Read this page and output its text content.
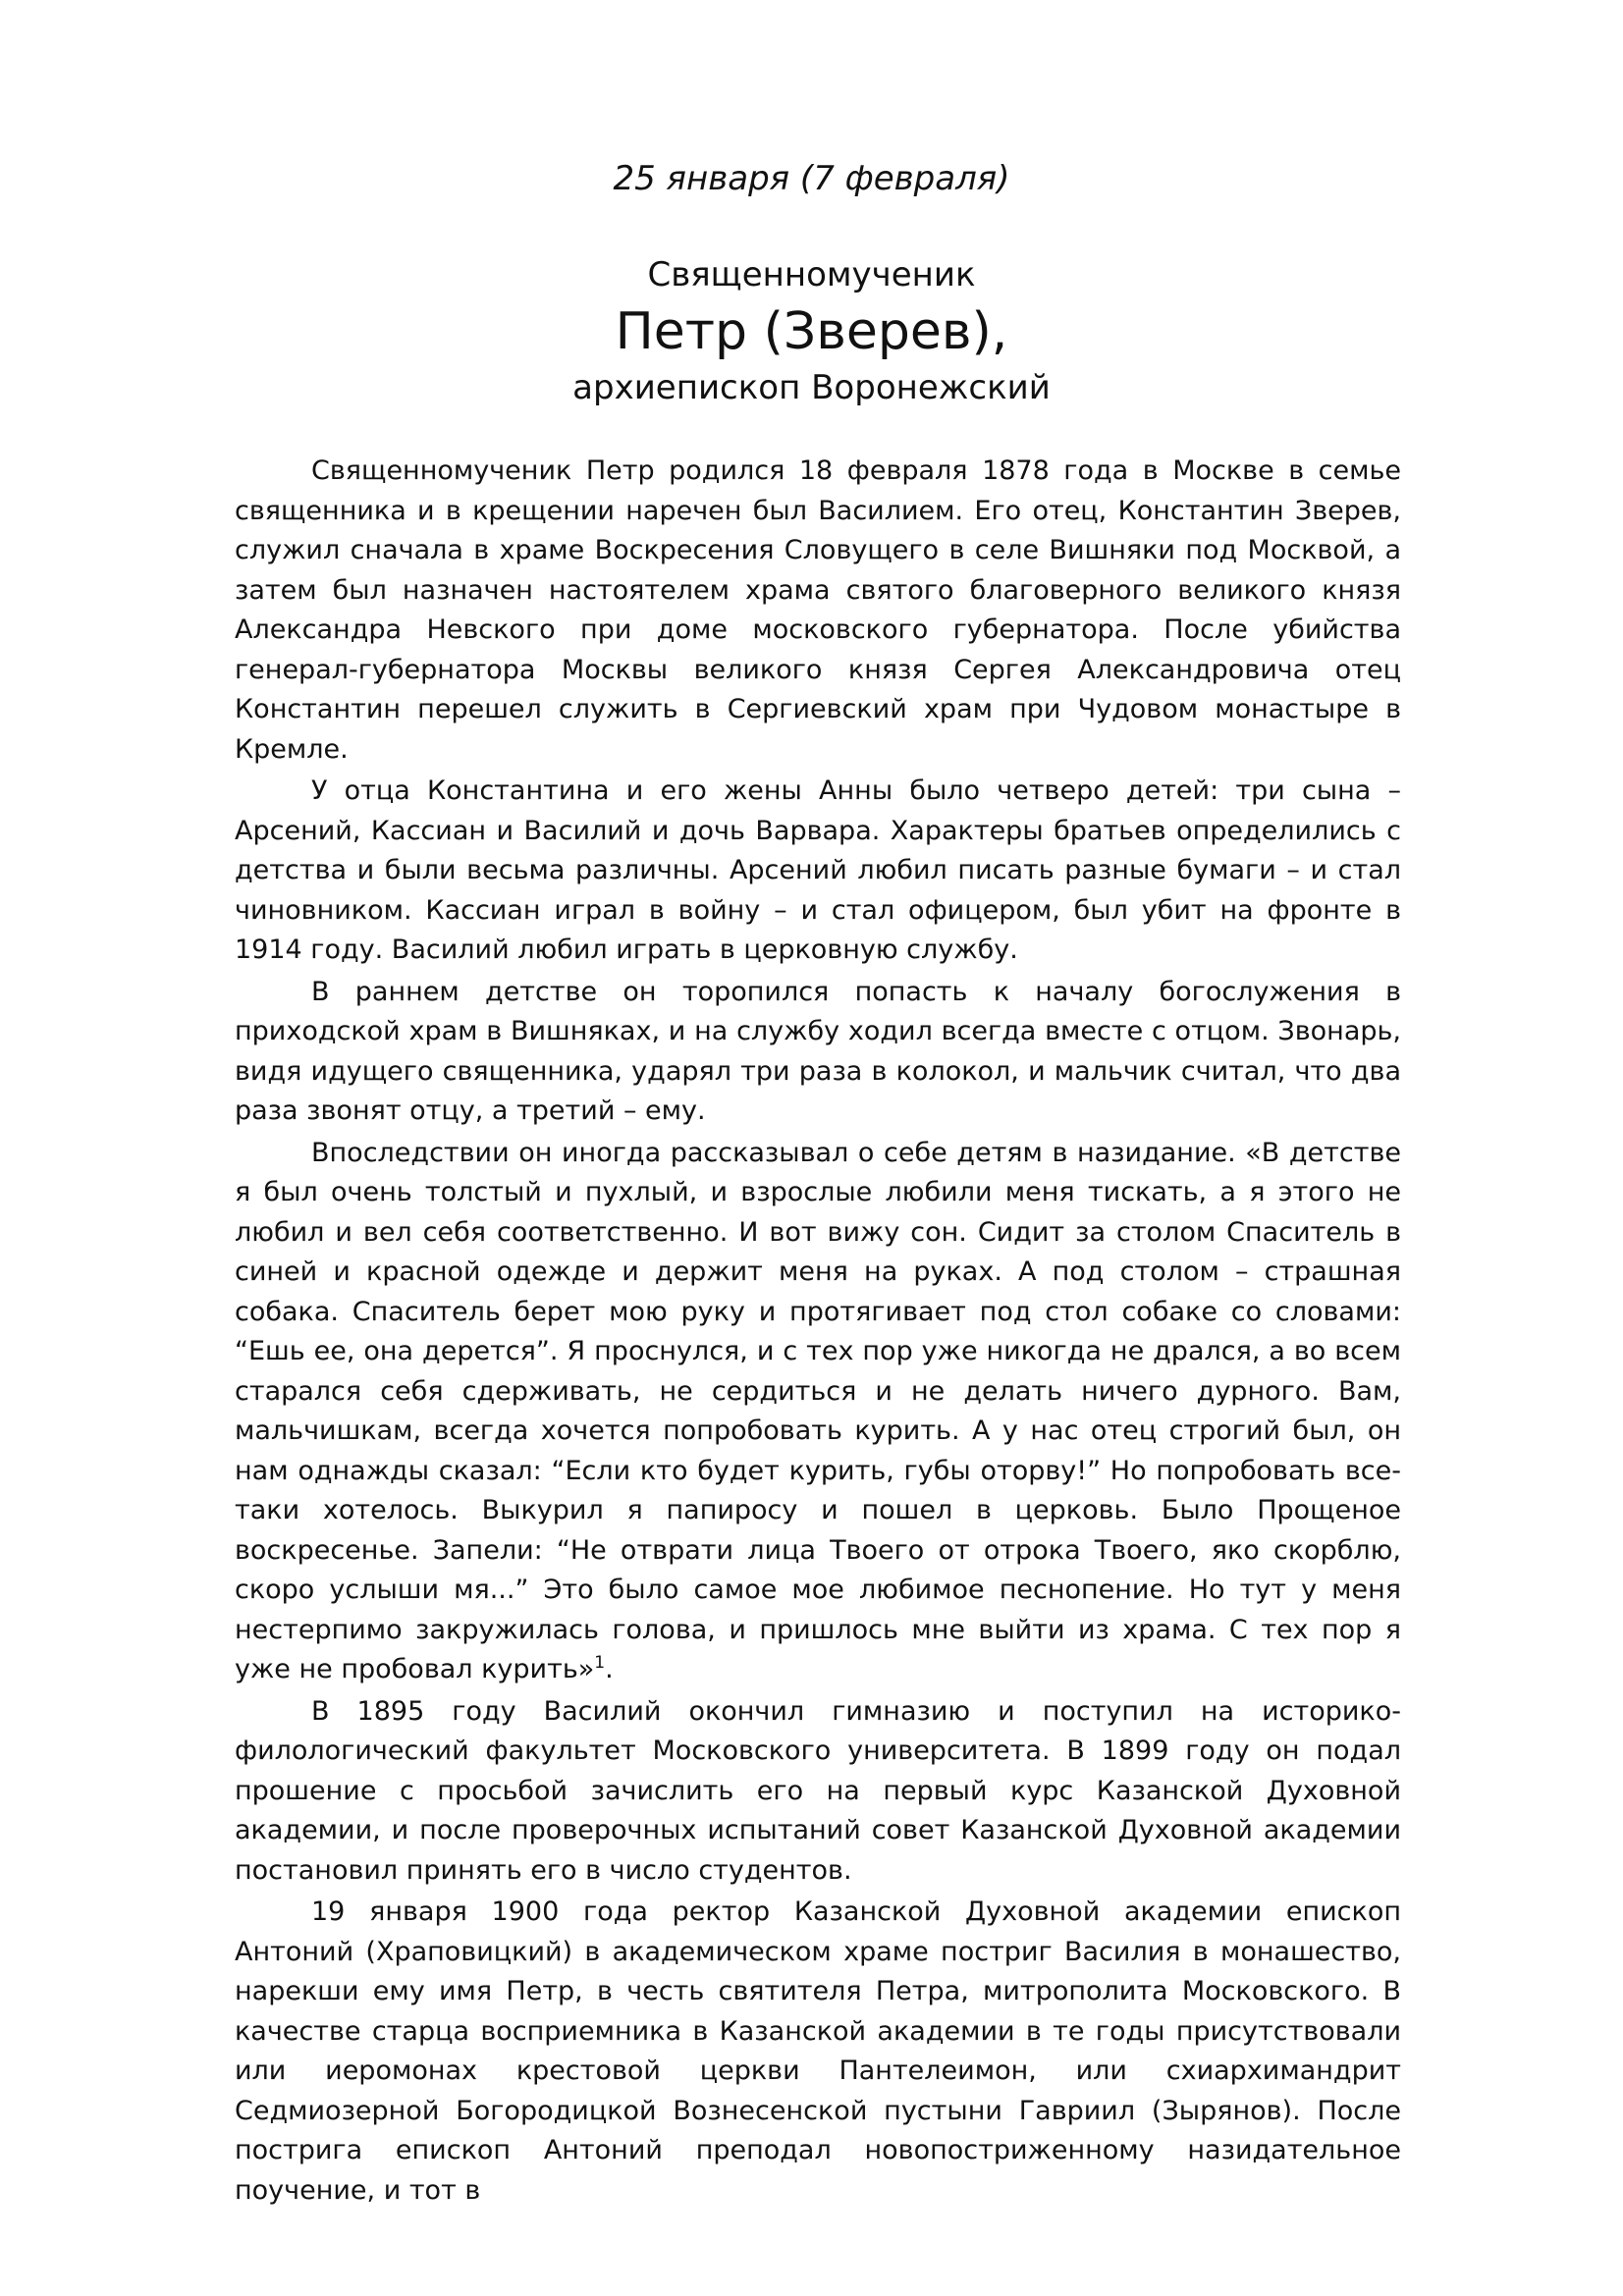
25 января (7 февраля)
Священномученик
Петр (Зверев),
архиепископ Воронежский

Священномученик Петр родился 18 февраля 1878 года в Москве в семье священника и в крещении наречен был Василием. Его отец, Константин Зверев, служил сначала в храме Воскресения Словущего в селе Вишняки под Москвой, а затем был назначен настоятелем храма святого благоверного великого князя Александра Невского при доме московского губернатора. После убийства генерал-губернатора Москвы великого князя Сергея Александровича отец Константин перешел служить в Сергиевский храм при Чудовом монастыре в Кремле.

У отца Константина и его жены Анны было четверо детей: три сына – Арсений, Кассиан и Василий и дочь Варвара. Характеры братьев определились с детства и были весьма различны. Арсений любил писать разные бумаги – и стал чиновником. Кассиан играл в войну – и стал офицером, был убит на фронте в 1914 году. Василий любил играть в церковную службу.

В раннем детстве он торопился попасть к началу богослужения в приходской храм в Вишняках, и на службу ходил всегда вместе с отцом. Звонарь, видя идущего священника, ударял три раза в колокол, и мальчик считал, что два раза звонят отцу, а третий – ему.

Впоследствии он иногда рассказывал о себе детям в назидание. «В детстве я был очень толстый и пухлый, и взрослые любили меня тискать, а я этого не любил и вел себя соответственно. И вот вижу сон. Сидит за столом Спаситель в синей и красной одежде и держит меня на руках. А под столом – страшная собака. Спаситель берет мою руку и протягивает под стол собаке со словами: “Ешь ее, она дерется”. Я проснулся, и с тех пор уже никогда не дрался, а во всем старался себя сдерживать, не сердиться и не делать ничего дурного. Вам, мальчишкам, всегда хочется попробовать курить. А у нас отец строгий был, он нам однажды сказал: “Если кто будет курить, губы оторву!” Но попробовать все-таки хотелось. Выкурил я папиросу и пошел в церковь. Было Прощеное воскресенье. Запели: “Не отврати лица Твоего от отрока Твоего, яко скорблю, скоро услыши мя...” Это было самое мое любимое песнопение. Но тут у меня нестерпимо закружилась голова, и пришлось мне выйти из храма. С тех пор я уже не пробовал курить»$^1$.

В 1895 году Василий окончил гимназию и поступил на историко-филологический факультет Московского университета. В 1899 году он подал прошение с просьбой зачислить его на первый курс Казанской Духовной академии, и после проверочных испытаний совет Казанской Духовной академии постановил принять его в число студентов.

19 января 1900 года ректор Казанской Духовной академии епископ Антоний (Храповицкий) в академическом храме постриг Василия в монашество, нарекши ему имя Петр, в честь святителя Петра, митрополита Московского. В качестве старца восприемника в Казанской академии в те годы присутствовали или иеромонах крестовой церкви Пантелеимон, или схиархимандрит Седмиозерной Богородицкой Вознесенской пустыни Гавриил (Зырянов). После пострига епископ Антоний преподал новопостриженному назидательное поучение, и тот в
